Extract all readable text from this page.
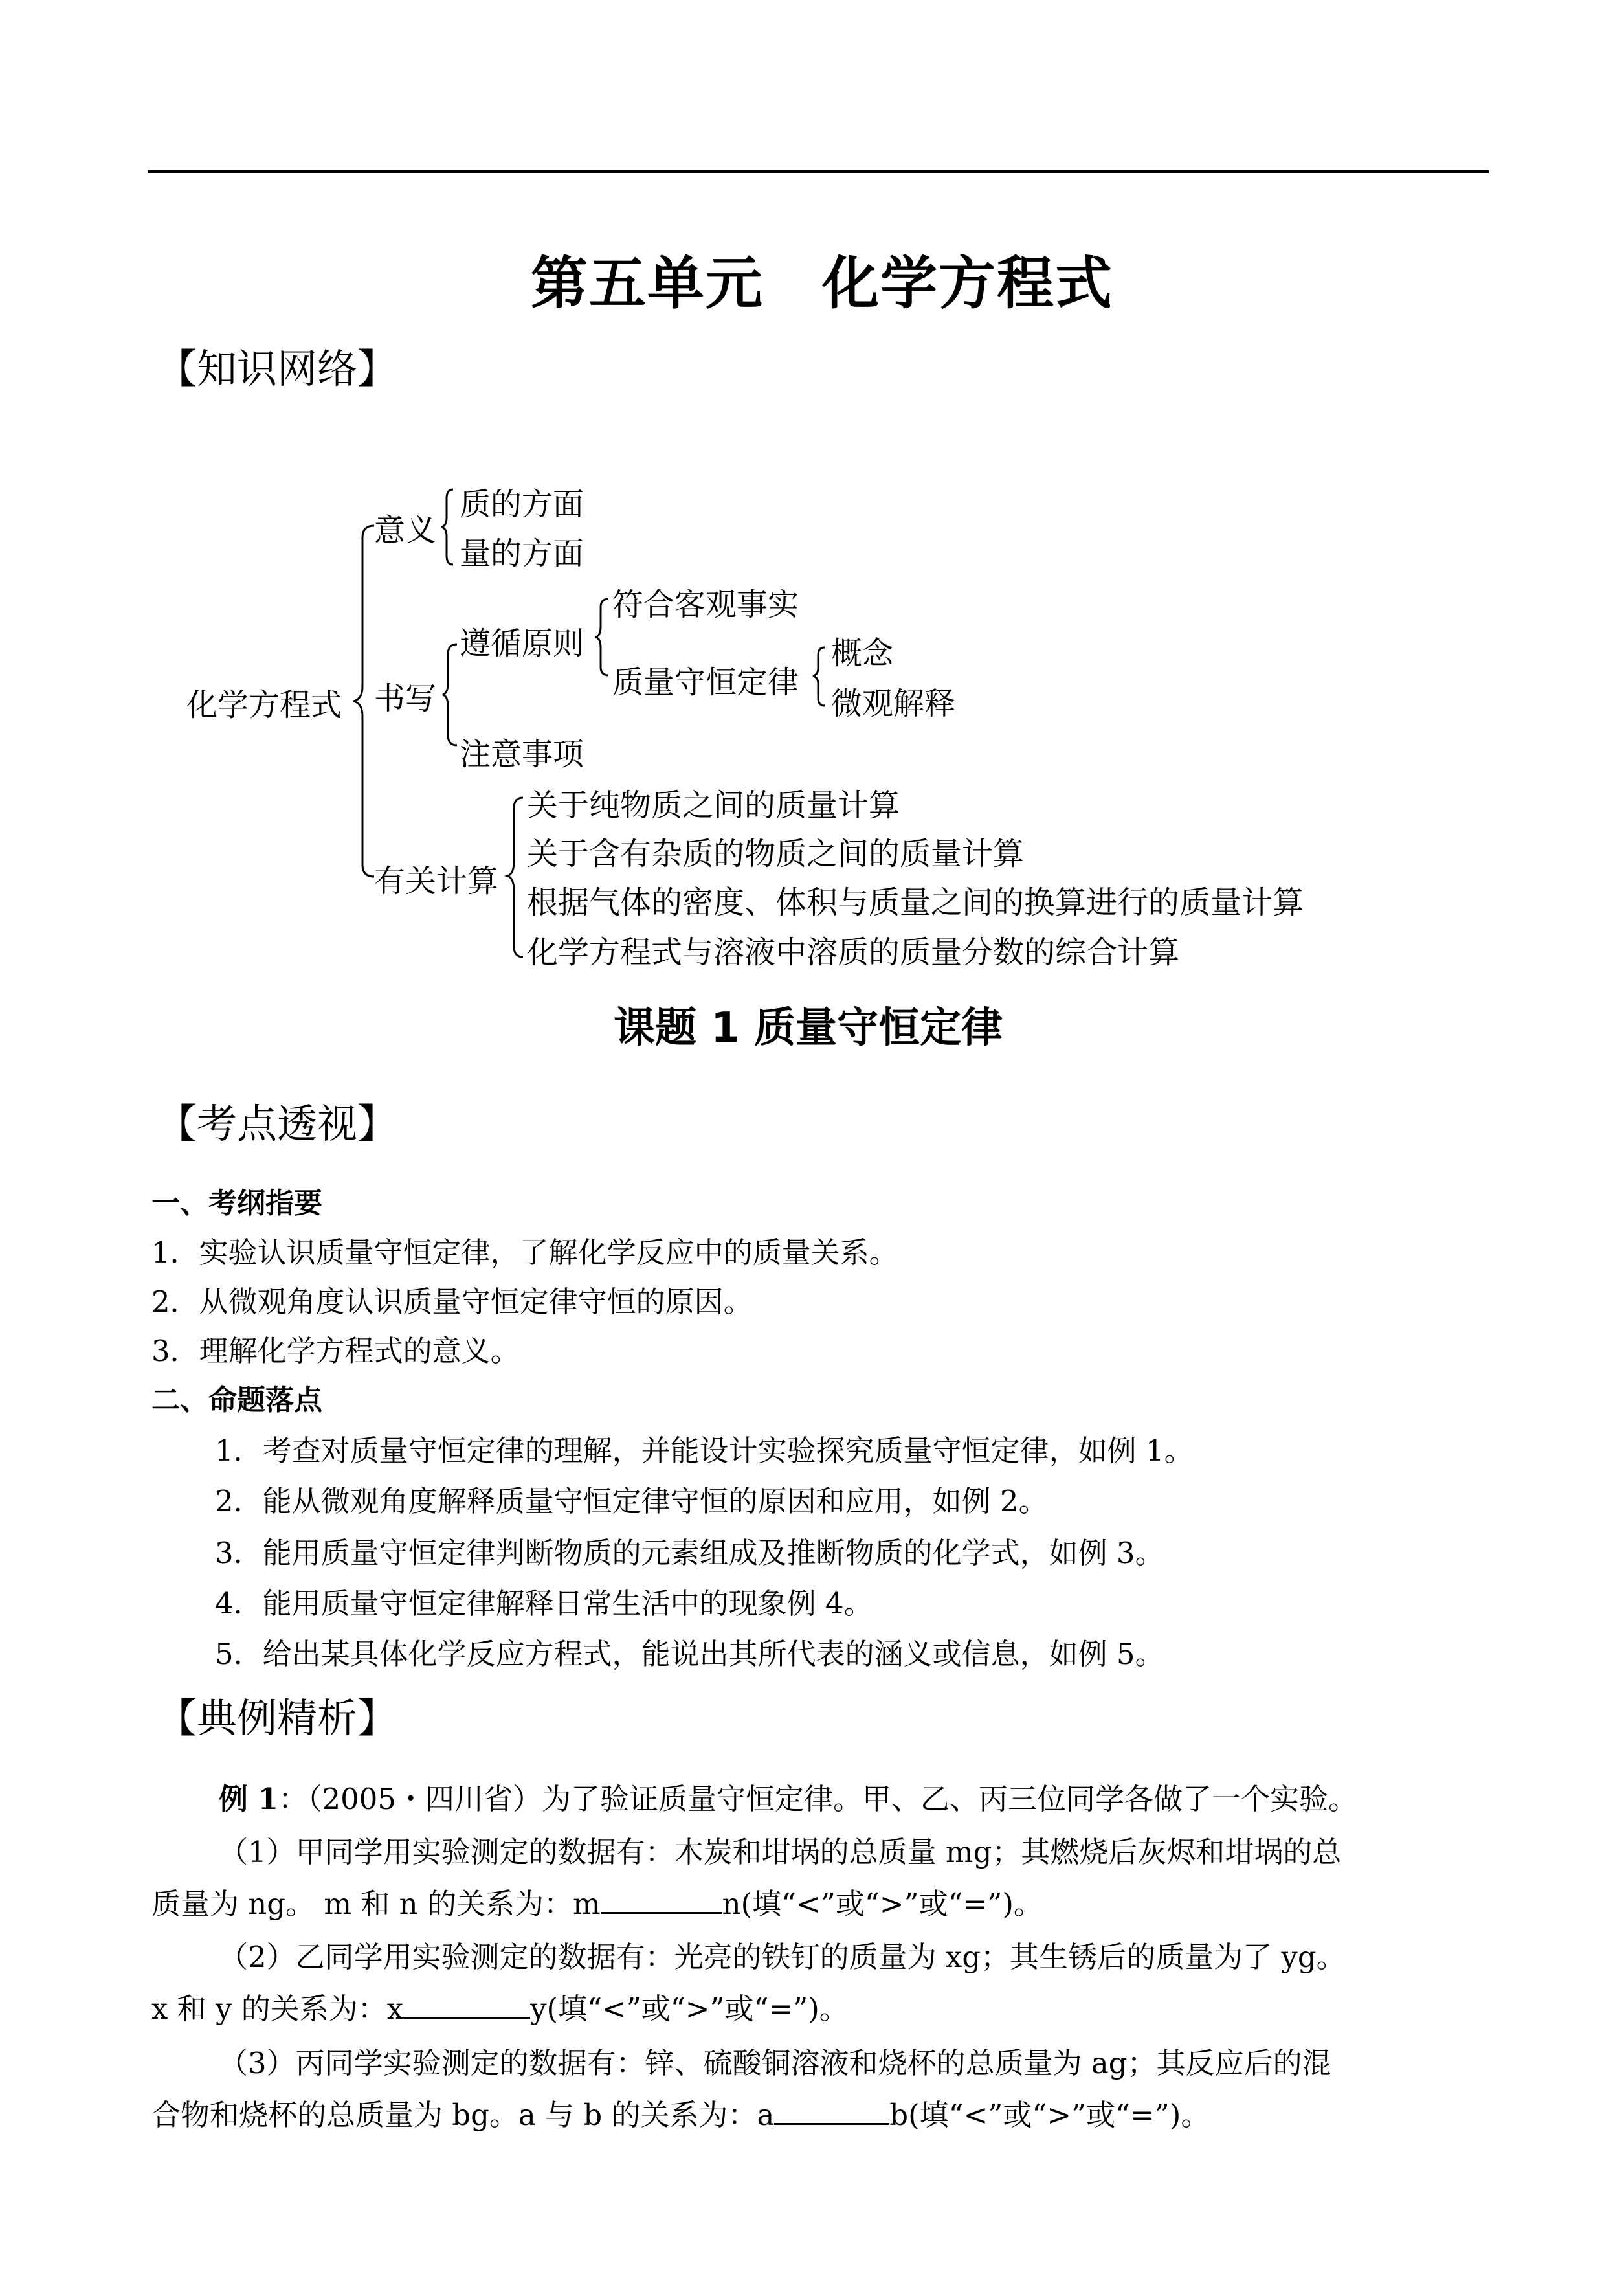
第五单元　化学方程式
【知识网络】
化学方程式
意义
质的方面
量的方面
书写
遵循原则
符合客观事实
质量守恒定律
概念
微观解释
注意事项
有关计算
关于纯物质之间的质量计算
关于含有杂质的物质之间的质量计算
根据气体的密度、体积与质量之间的换算进行的质量计算
化学方程式与溶液中溶质的质量分数的综合计算
课题 1 质量守恒定律
【考点透视】
一、考纲指要
1．实验认识质量守恒定律，了解化学反应中的质量关系。
2．从微观角度认识质量守恒定律守恒的原因。
3．理解化学方程式的意义。
二、命题落点
1．考查对质量守恒定律的理解，并能设计实验探究质量守恒定律，如例 1。
2．能从微观角度解释质量守恒定律守恒的原因和应用，如例 2。
3．能用质量守恒定律判断物质的元素组成及推断物质的化学式，如例 3。
4．能用质量守恒定律解释日常生活中的现象例 4。
5．给出某具体化学反应方程式，能说出其所代表的涵义或信息，如例 5。
【典例精析】
例 1：（2005・四川省）为了验证质量守恒定律。甲、乙、丙三位同学各做了一个实验。
（1）甲同学用实验测定的数据有：木炭和坩埚的总质量 mg；其燃烧后灰烬和坩埚的总
质量为 ng。 m 和 n 的关系为：m	n(填“<”或“>”或“=”)。
（2）乙同学用实验测定的数据有：光亮的铁钉的质量为 xg；其生锈后的质量为了 yg。
x 和 y 的关系为：x	y(填“<”或“>”或“=”)。
（3）丙同学实验测定的数据有：锌、硫酸铜溶液和烧杯的总质量为 ag；其反应后的混
合物和烧杯的总质量为 bg。a 与 b 的关系为：a	b(填“<”或“>”或“=”)。
